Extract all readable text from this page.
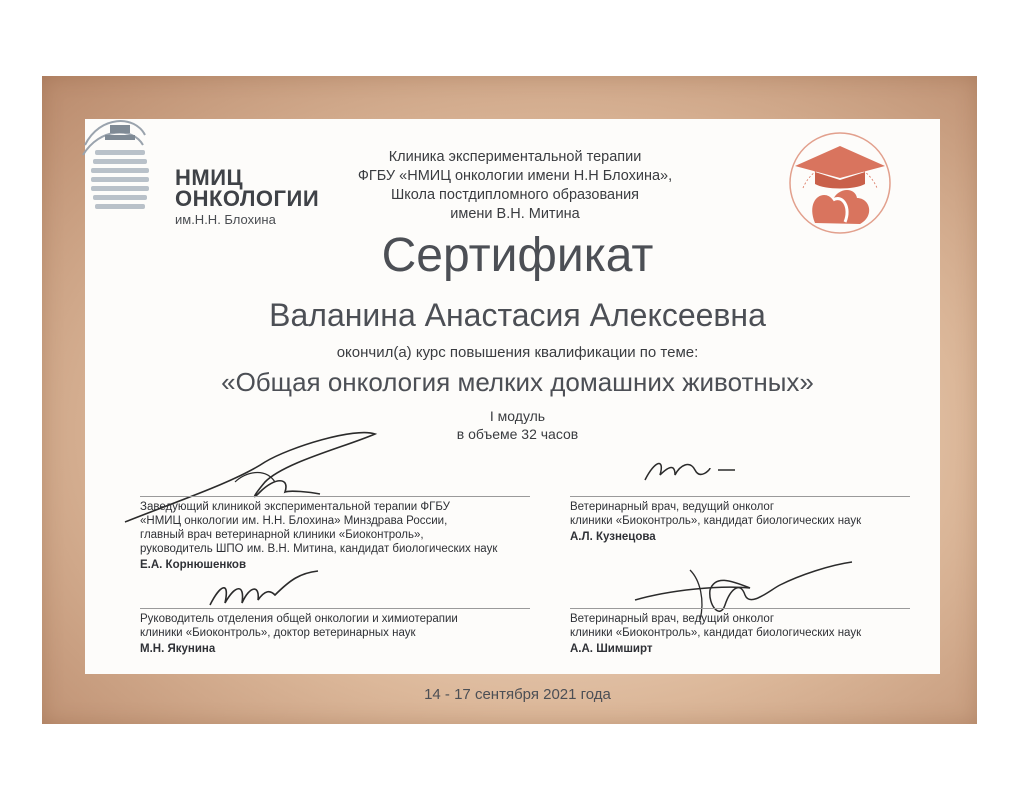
НМИЦ
ОНКОЛОГИИ
им.Н.Н. Блохина
Клиника экспериментальной терапии
ФГБУ «НМИЦ онкологии имени Н.Н Блохина»,
Школа постдипломного образования
имени В.Н. Митина
Сертификат
Валанина Анастасия Алексеевна
окончил(а) курс повышения квалификации по теме:
«Общая онкология мелких домашних животных»
I модуль
в объеме 32 часов
Заведующий клиникой экспериментальной терапии ФГБУ
«НМИЦ онкологии им. Н.Н. Блохина» Минздрава России,
главный врач ветеринарной клиники «Биоконтроль»,
руководитель ШПО им. В.Н. Митина, кандидат биологических наук
Е.А. Корнюшенков
Ветеринарный врач, ведущий онколог
клиники «Биоконтроль», кандидат биологических наук
А.Л. Кузнецова
Руководитель отделения общей онкологии и химиотерапии
клиники «Биоконтроль», доктор ветеринарных наук
М.Н. Якунина
Ветеринарный врач, ведущий онколог
клиники «Биоконтроль», кандидат биологических наук
А.А. Шимширт
14 - 17 сентября 2021 года
